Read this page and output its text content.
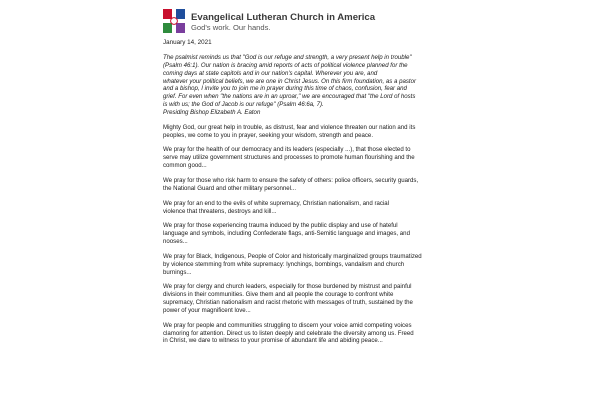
Evangelical Lutheran Church in America
God's work. Our hands.
January 14, 2021
The psalmist reminds us that "God is our refuge and strength, a very present help in trouble"
(Psalm 46:1). Our nation is bracing amid reports of acts of political violence planned for the
coming days at state capitols and in our nation's capital. Wherever you are, and
whatever your political beliefs, we are one in Christ Jesus. On this firm foundation, as a pastor
and a bishop, I invite you to join me in prayer during this time of chaos, confusion, fear and
grief. For even when "the nations are in an uproar," we are encouraged that "the Lord of hosts
is with us; the God of Jacob is our refuge" (Psalm 46:6a, 7).
Presiding Bishop Elizabeth A. Eaton
Mighty God, our great help in trouble, as distrust, fear and violence threaten our nation and its
peoples, we come to you in prayer, seeking your wisdom, strength and peace.
We pray for the health of our democracy and its leaders (especially ...), that those elected to
serve may utilize government structures and processes to promote human flourishing and the
common good...
We pray for those who risk harm to ensure the safety of others: police officers, security guards,
the National Guard and other military personnel...
We pray for an end to the evils of white supremacy, Christian nationalism, and racial
violence that threatens, destroys and kill...
We pray for those experiencing trauma induced by the public display and use of hateful
language and symbols, including Confederate flags, anti-Semitic language and images, and
nooses...
We pray for Black, Indigenous, People of Color and historically marginalized groups traumatized
by violence stemming from white supremacy: lynchings, bombings, vandalism and church
burnings...
We pray for clergy and church leaders, especially for those burdened by mistrust and painful
divisions in their communities. Give them and all people the courage to confront white
supremacy, Christian nationalism and racist rhetoric with messages of truth, sustained by the
power of your magnificent love...
We pray for people and communities struggling to discern your voice amid competing voices
clamoring for attention. Direct us to listen deeply and celebrate the diversity among us. Freed
in Christ, we dare to witness to your promise of abundant life and abiding peace...
